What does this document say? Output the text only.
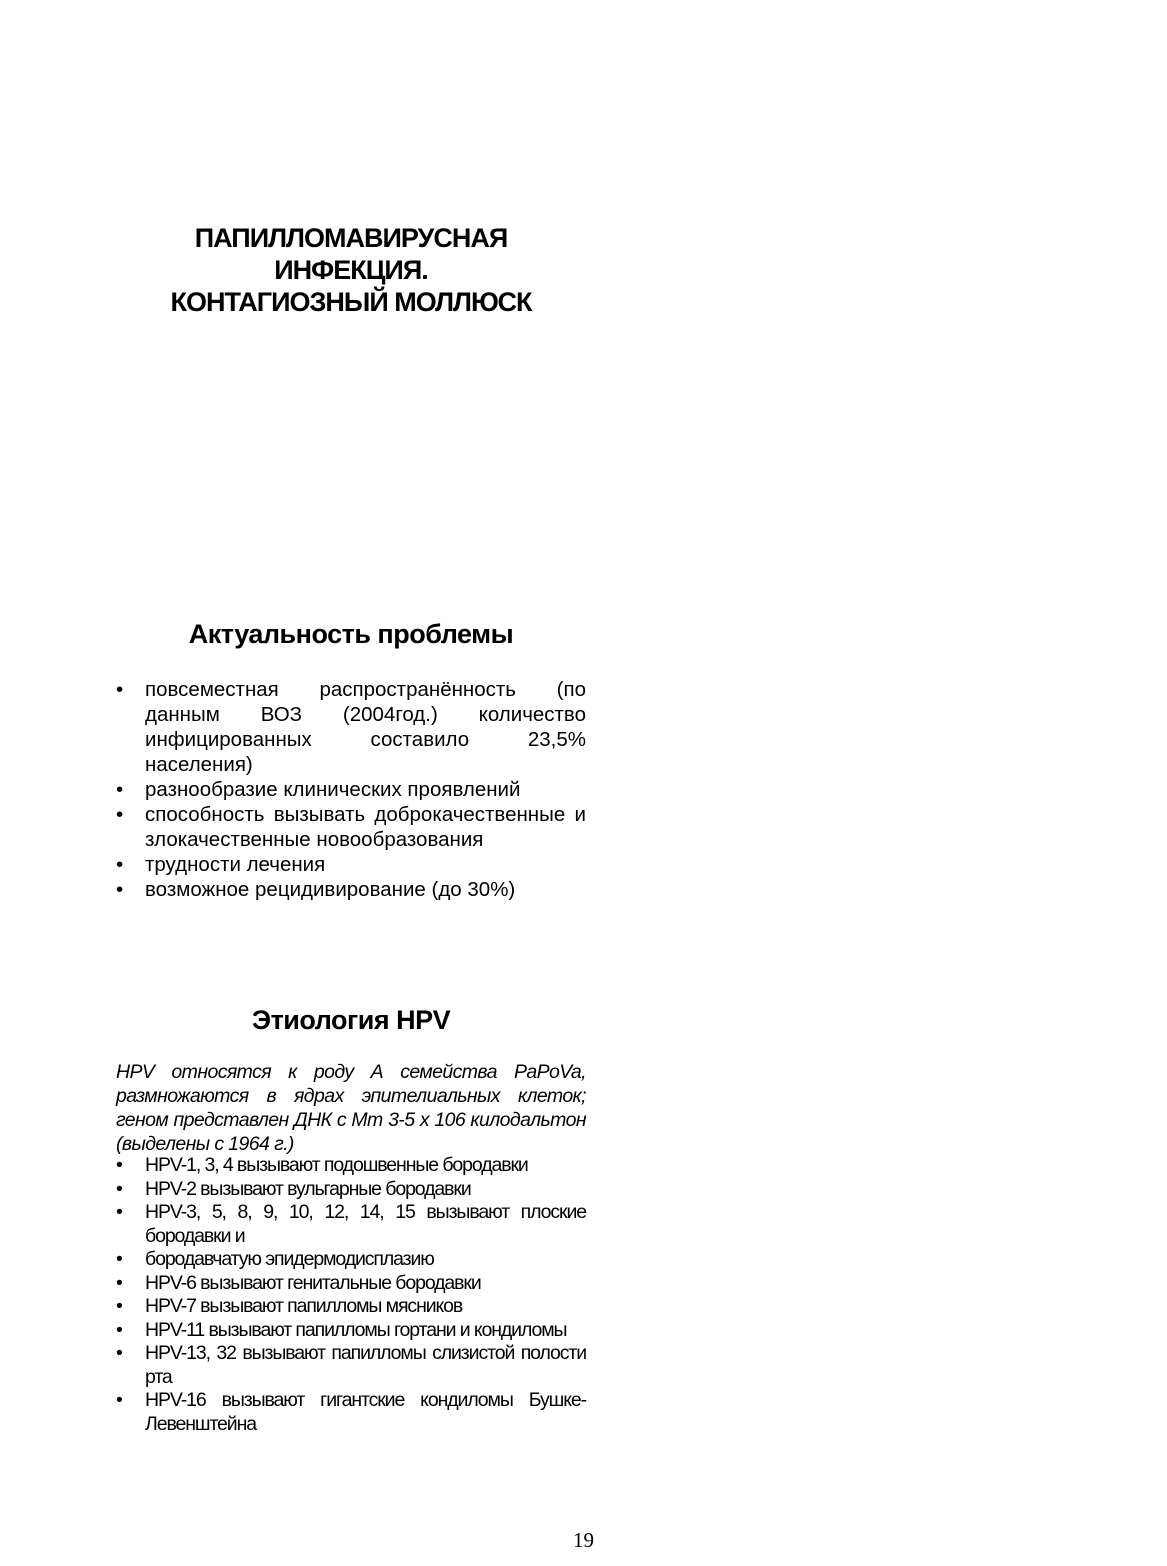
ПАПИЛЛОМАВИРУСНАЯ
ИНФЕКЦИЯ.
КОНТАГИОЗНЫЙ МОЛЛЮСК
Актуальность проблемы
• повсеместная распространённость (по данным ВОЗ (2004год.) количество инфицированных составило 23,5% населения)
• разнообразие клинических проявлений
• способность вызывать доброкачественные и злокачественные новообразования
• трудности лечения
• возможное рецидивирование (до 30%)
Этиология HPV

HPV относятся к роду А семейства PaPoVa, размножаются в ядрах эпителиальных клеток; геном представлен ДНК с Мm 3-5 х 106 килодальтон (выделены с 1964 г.)

• HPV-1, 3, 4 вызывают подошвенные бородавки
• HPV-2 вызывают вульгарные бородавки
• HPV-3, 5, 8, 9, 10, 12, 14, 15 вызывают плоские бородавки и
• бородавчатую эпидермодисплазию
• HPV-6 вызывают генитальные бородавки
• HPV-7 вызывают папилломы мясников
• HPV-11 вызывают папилломы гортани и кондиломы
• HPV-13, 32 вызывают папилломы слизистой полости рта
• HPV-16 вызывают гигантские кондиломы Бушке-Левенштейна
19
